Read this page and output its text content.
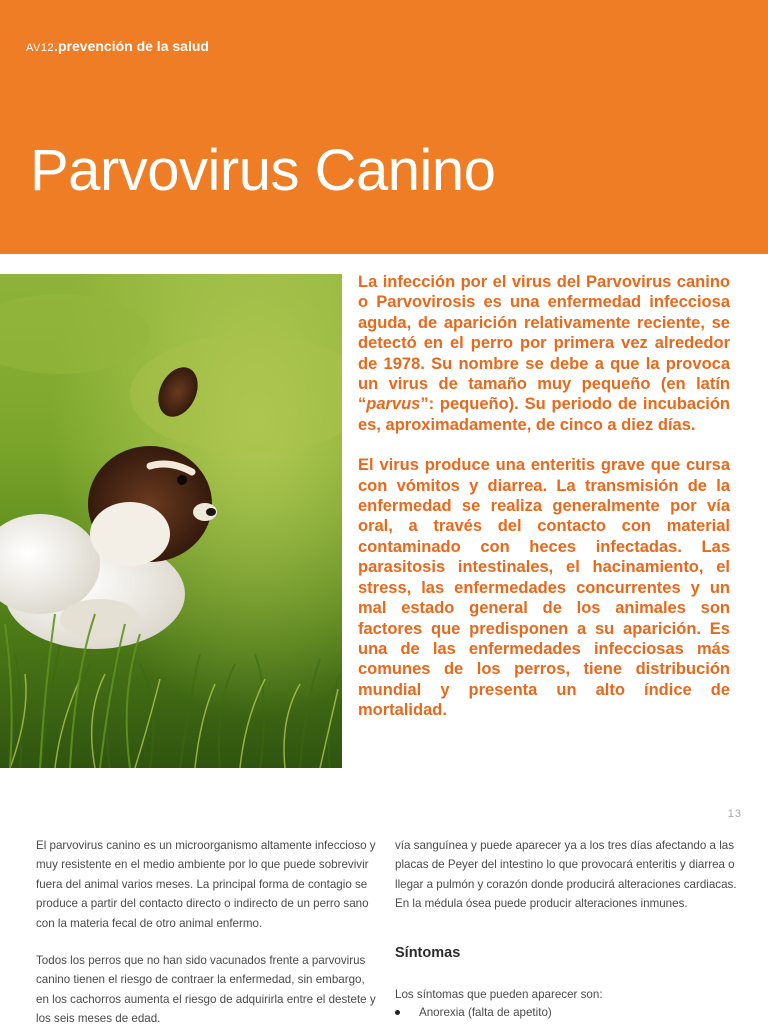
AV12.prevención de la salud
Parvovirus Canino

La infección por el virus del Parvovirus canino o Parvovirosis es una enfermedad infecciosa aguda, de aparición relativamente reciente, se detectó en el perro por primera vez alrededor de 1978. Su nombre se debe a que la provoca un virus de tamaño muy pequeño (en latín “parvus”: pequeño). Su periodo de incubación es, aproximadamente, de cinco a diez días.

El virus produce una enteritis grave que cursa con vómitos y diarrea. La transmisión de la enfermedad se realiza generalmente por vía oral, a través del contacto con material contaminado con heces infectadas. Las parasitosis intestinales, el hacinamiento, el stress, las enfermedades concurrentes y un mal estado general de los animales son factores que predisponen a su aparición. Es una de las enfermedades infecciosas más comunes de los perros, tiene distribución mundial y presenta un alto índice de mortalidad.

13

El parvovirus canino es un microorganismo altamente infeccioso y muy resistente en el medio ambiente por lo que puede sobrevivir fuera del animal varios meses. La principal forma de contagio se produce a partir del contacto directo o indirecto de un perro sano con la materia fecal de otro animal enfermo.

Todos los perros que no han sido vacunados frente a parvovirus canino tienen el riesgo de contraer la enfermedad, sin embargo, en los cachorros aumenta el riesgo de adquirirla entre el destete y los seis meses de edad.

vía sanguínea y puede aparecer ya a los tres días afectando a las placas de Peyer del intestino lo que provocará enteritis y diarrea o llegar a pulmón y corazón donde producirá alteraciones cardiacas. En la médula ósea puede producir alteraciones inmunes.

Síntomas
Los síntomas que pueden aparecer son:
Anorexia (falta de apetito)
